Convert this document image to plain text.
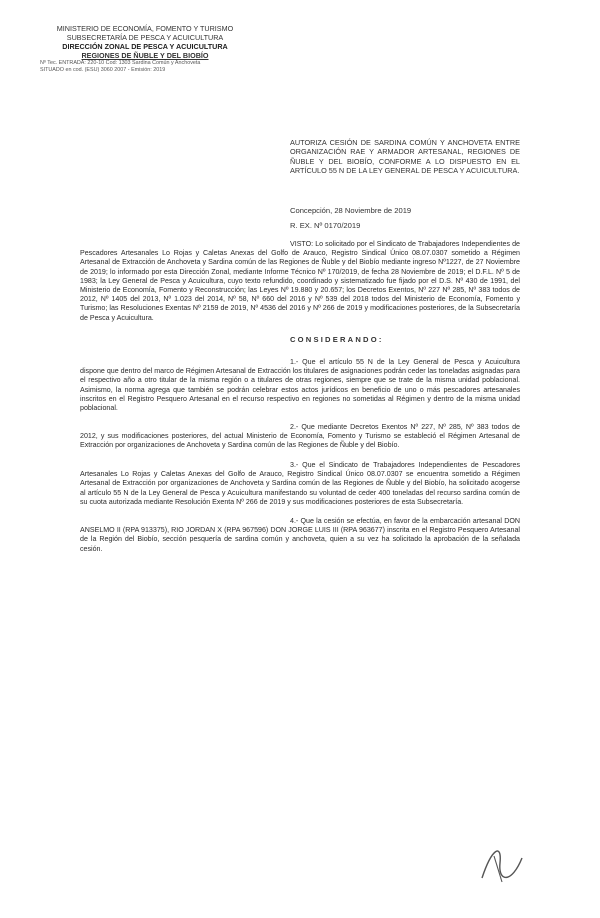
MINISTERIO DE ECONOMÍA, FOMENTO Y TURISMO
SUBSECRETARÍA DE PESCA Y ACUICULTURA
DIRECCIÓN ZONAL DE PESCA Y ACUICULTURA
REGIONES DE ÑUBLE Y DEL BIOBÍO
Nº Tec. ENTRADA: 220-10 Cod: 1303 Sardina Común y Anchoveta
SITUADO en cod. (ESU) 3060 2007 - Emisión: 2019
AUTORIZA CESIÓN DE SARDINA COMÚN Y ANCHOVETA ENTRE ORGANIZACIÓN RAE Y ARMADOR ARTESANAL, REGIONES DE ÑUBLE Y DEL BIOBÍO, CONFORME A LO DISPUESTO EN EL ARTÍCULO 55 N DE LA LEY GENERAL DE PESCA Y ACUICULTURA.
Concepción, 28 Noviembre de 2019
R. EX. Nº 0170/2019
VISTO: Lo solicitado por el Sindicato de Trabajadores Independientes de Pescadores Artesanales Lo Rojas y Caletas Anexas del Golfo de Arauco, Registro Sindical Único 08.07.0307 sometido a Régimen Artesanal de Extracción de Anchoveta y Sardina común de las Regiones de Ñuble y del Biobío mediante ingreso Nº1227, de 27 Noviembre de 2019; lo informado por esta Dirección Zonal, mediante Informe Técnico Nº 170/2019, de fecha 28 Noviembre de 2019; el D.F.L. Nº 5 de 1983; la Ley General de Pesca y Acuicultura, cuyo texto refundido, coordinado y sistematizado fue fijado por el D.S. Nº 430 de 1991, del Ministerio de Economía, Fomento y Reconstrucción; las Leyes Nº 19.880 y 20.657; los Decretos Exentos, Nº 227 Nº 285, Nº 383 todos de 2012, Nº 1405 del 2013, Nº 1.023 del 2014, Nº 58, Nº 660 del 2016 y Nº 539 del 2018 todos del Ministerio de Economía, Fomento y Turismo; las Resoluciones Exentas Nº 2159 de 2019, Nº 4536 del 2016 y Nº 266 de 2019 y modificaciones posteriores, de la Subsecretaría de Pesca y Acuicultura.
CONSIDERANDO:
1.- Que el artículo 55 N de la Ley General de Pesca y Acuicultura dispone que dentro del marco de Régimen Artesanal de Extracción los titulares de asignaciones podrán ceder las toneladas asignadas para el respectivo año a otro titular de la misma región o a titulares de otras regiones, siempre que se trate de la misma unidad poblacional. Asimismo, la norma agrega que también se podrán celebrar estos actos jurídicos en beneficio de uno o más pescadores artesanales inscritos en el Registro Pesquero Artesanal en el recurso respectivo en regiones no sometidas al Régimen y dentro de la misma unidad poblacional.
2.- Que mediante Decretos Exentos Nº 227, Nº 285, Nº 383 todos de 2012, y sus modificaciones posteriores, del actual Ministerio de Economía, Fomento y Turismo se estableció el Régimen Artesanal de Extracción por organizaciones de Anchoveta y Sardina común de las Regiones de Ñuble y del Biobío.
3.- Que el Sindicato de Trabajadores Independientes de Pescadores Artesanales Lo Rojas y Caletas Anexas del Golfo de Arauco, Registro Sindical Único 08.07.0307 se encuentra sometido a Régimen Artesanal de Extracción por organizaciones de Anchoveta y Sardina común de las Regiones de Ñuble y del Biobío, ha solicitado acogerse al artículo 55 N de la Ley General de Pesca y Acuicultura manifestando su voluntad de ceder 400 toneladas del recurso sardina común de su cuota autorizada mediante Resolución Exenta Nº 266 de 2019 y sus modificaciones posteriores de esta Subsecretaría.
4.- Que la cesión se efectúa, en favor de la embarcación artesanal DON ANSELMO II (RPA 913375), RIO JORDAN X (RPA 967596) DON JORGE LUIS III (RPA 963677) inscrita en el Registro Pesquero Artesanal de la Región del Biobío, sección pesquería de sardina común y anchoveta, quien a su vez ha solicitado la aprobación de la señalada cesión.
